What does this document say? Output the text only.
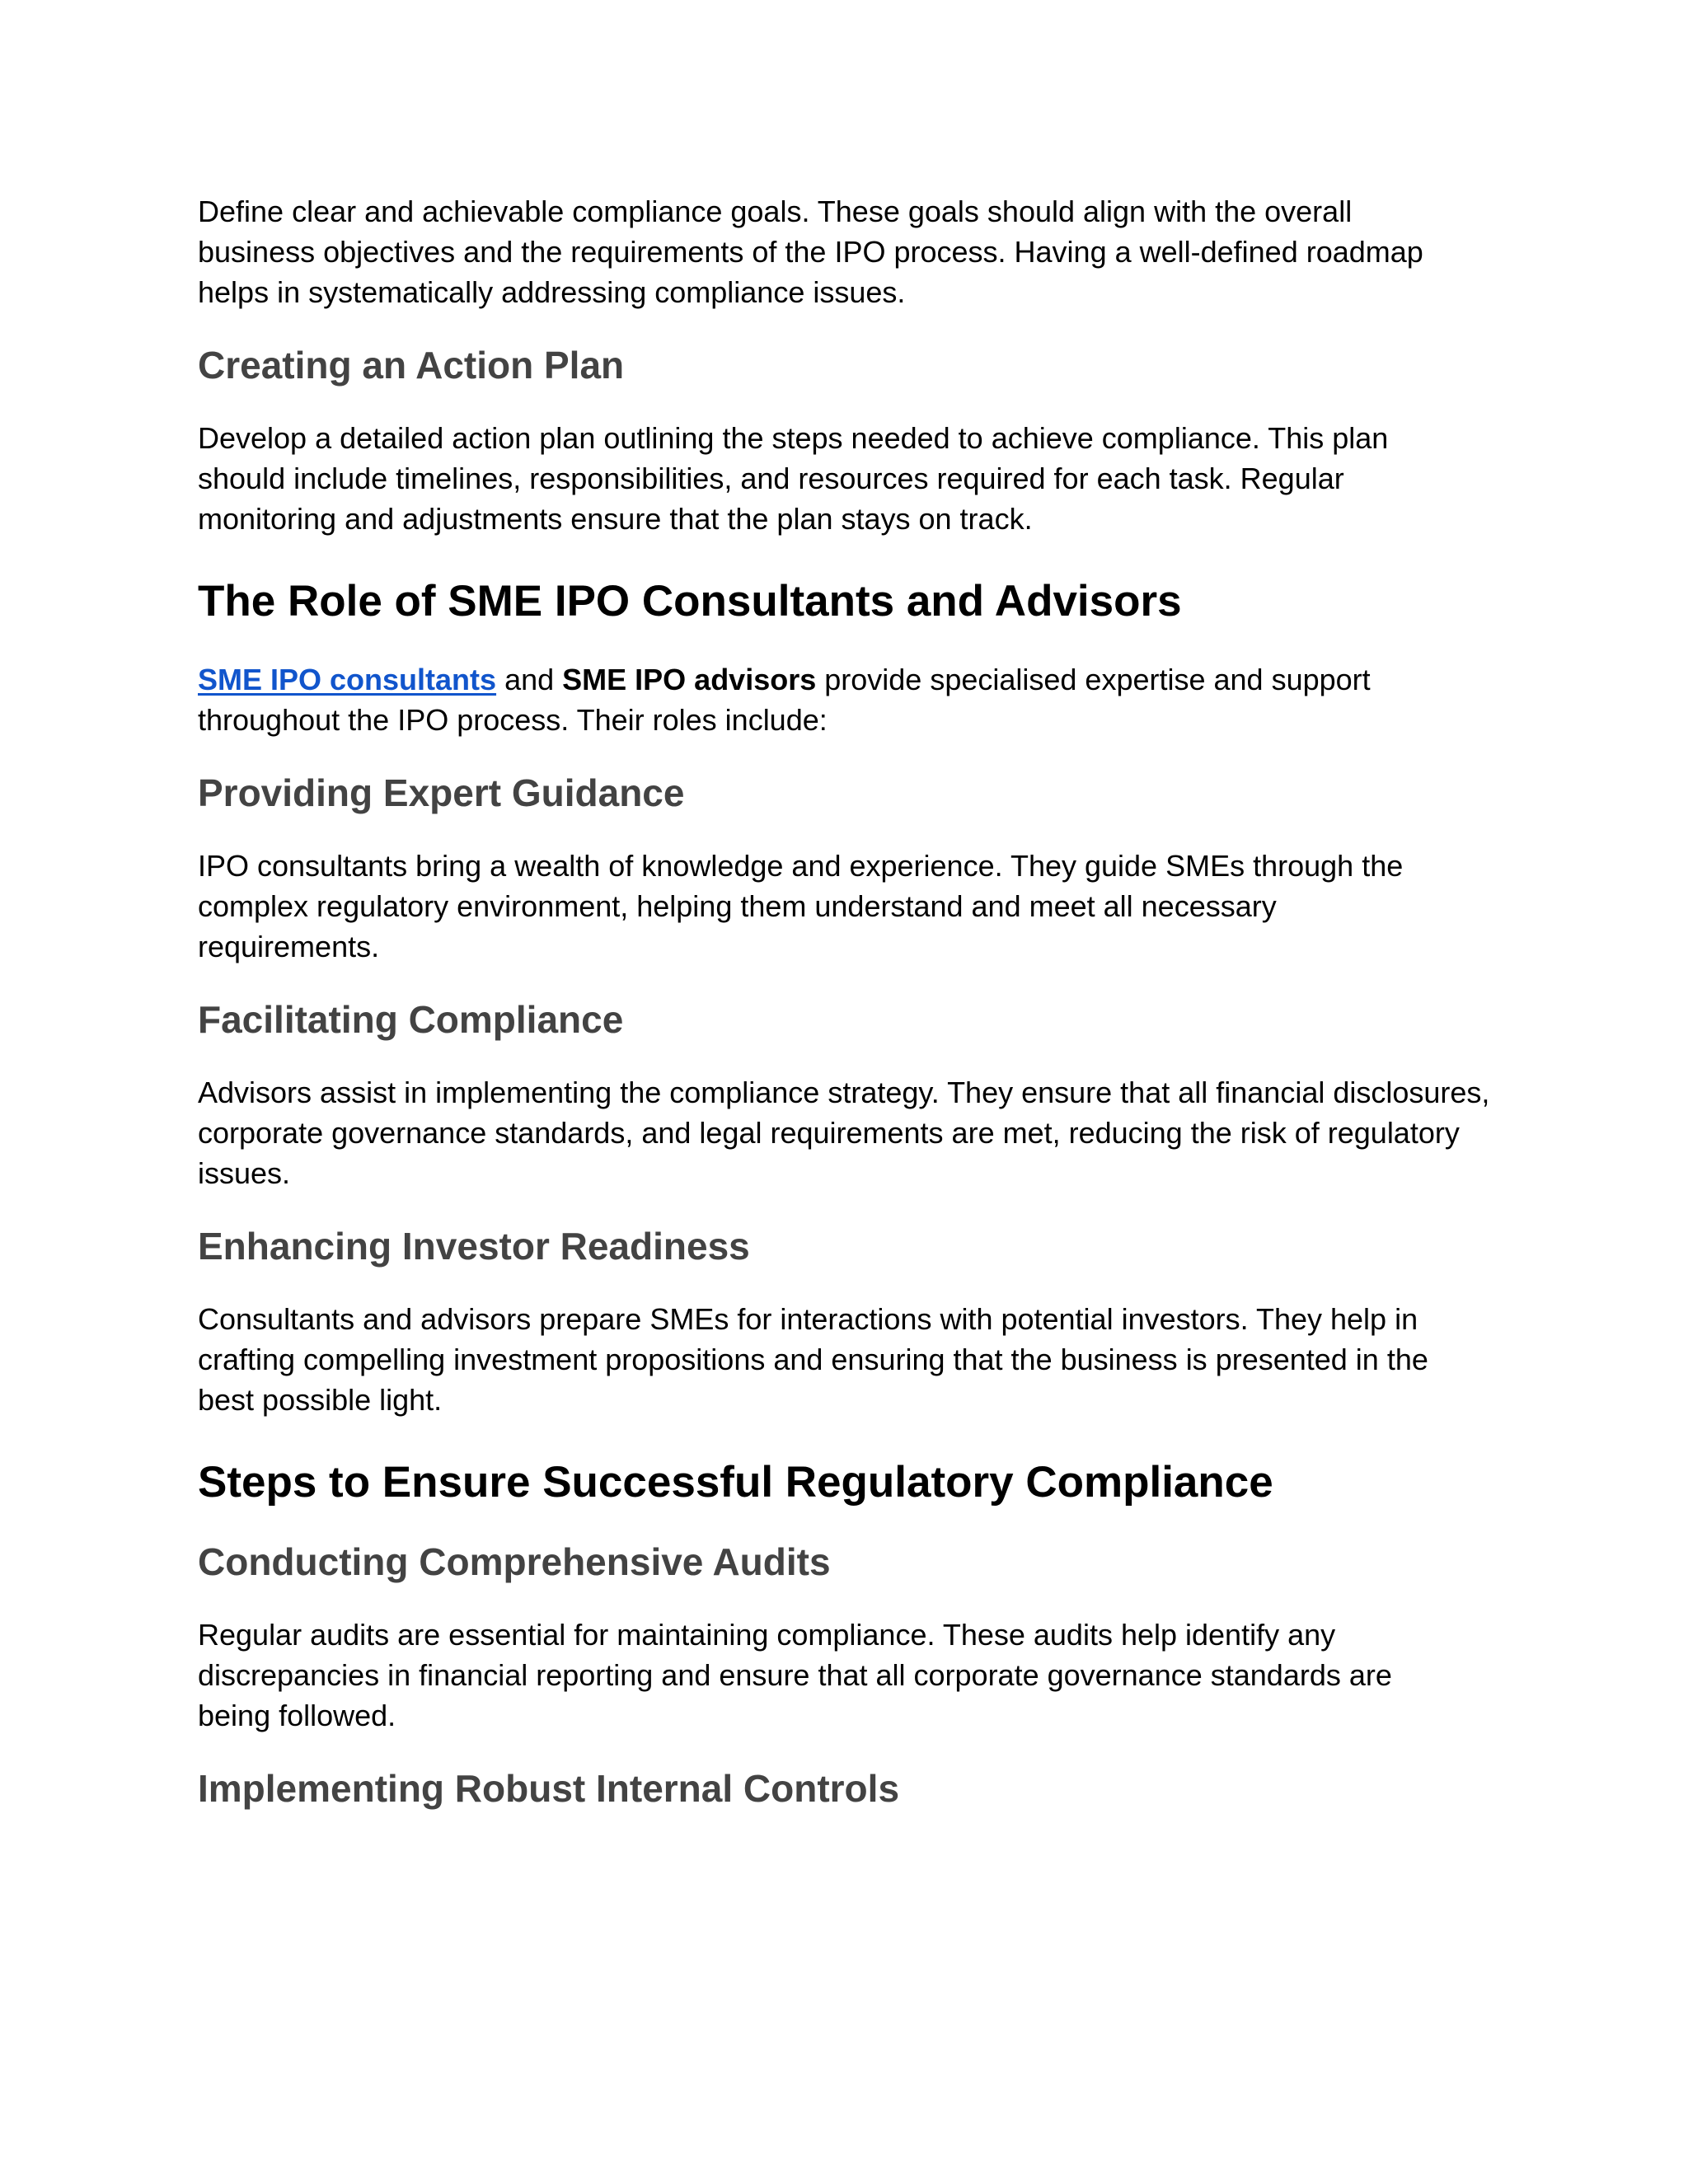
Define clear and achievable compliance goals. These goals should align with the overall business objectives and the requirements of the IPO process. Having a well-defined roadmap helps in systematically addressing compliance issues.

Creating an Action Plan

Develop a detailed action plan outlining the steps needed to achieve compliance. This plan should include timelines, responsibilities, and resources required for each task. Regular monitoring and adjustments ensure that the plan stays on track.

The Role of SME IPO Consultants and Advisors

SME IPO consultants and SME IPO advisors provide specialised expertise and support throughout the IPO process. Their roles include:

Providing Expert Guidance

IPO consultants bring a wealth of knowledge and experience. They guide SMEs through the complex regulatory environment, helping them understand and meet all necessary requirements.

Facilitating Compliance

Advisors assist in implementing the compliance strategy. They ensure that all financial disclosures, corporate governance standards, and legal requirements are met, reducing the risk of regulatory issues.

Enhancing Investor Readiness

Consultants and advisors prepare SMEs for interactions with potential investors. They help in crafting compelling investment propositions and ensuring that the business is presented in the best possible light.

Steps to Ensure Successful Regulatory Compliance
Conducting Comprehensive Audits

Regular audits are essential for maintaining compliance. These audits help identify any discrepancies in financial reporting and ensure that all corporate governance standards are being followed.

Implementing Robust Internal Controls
